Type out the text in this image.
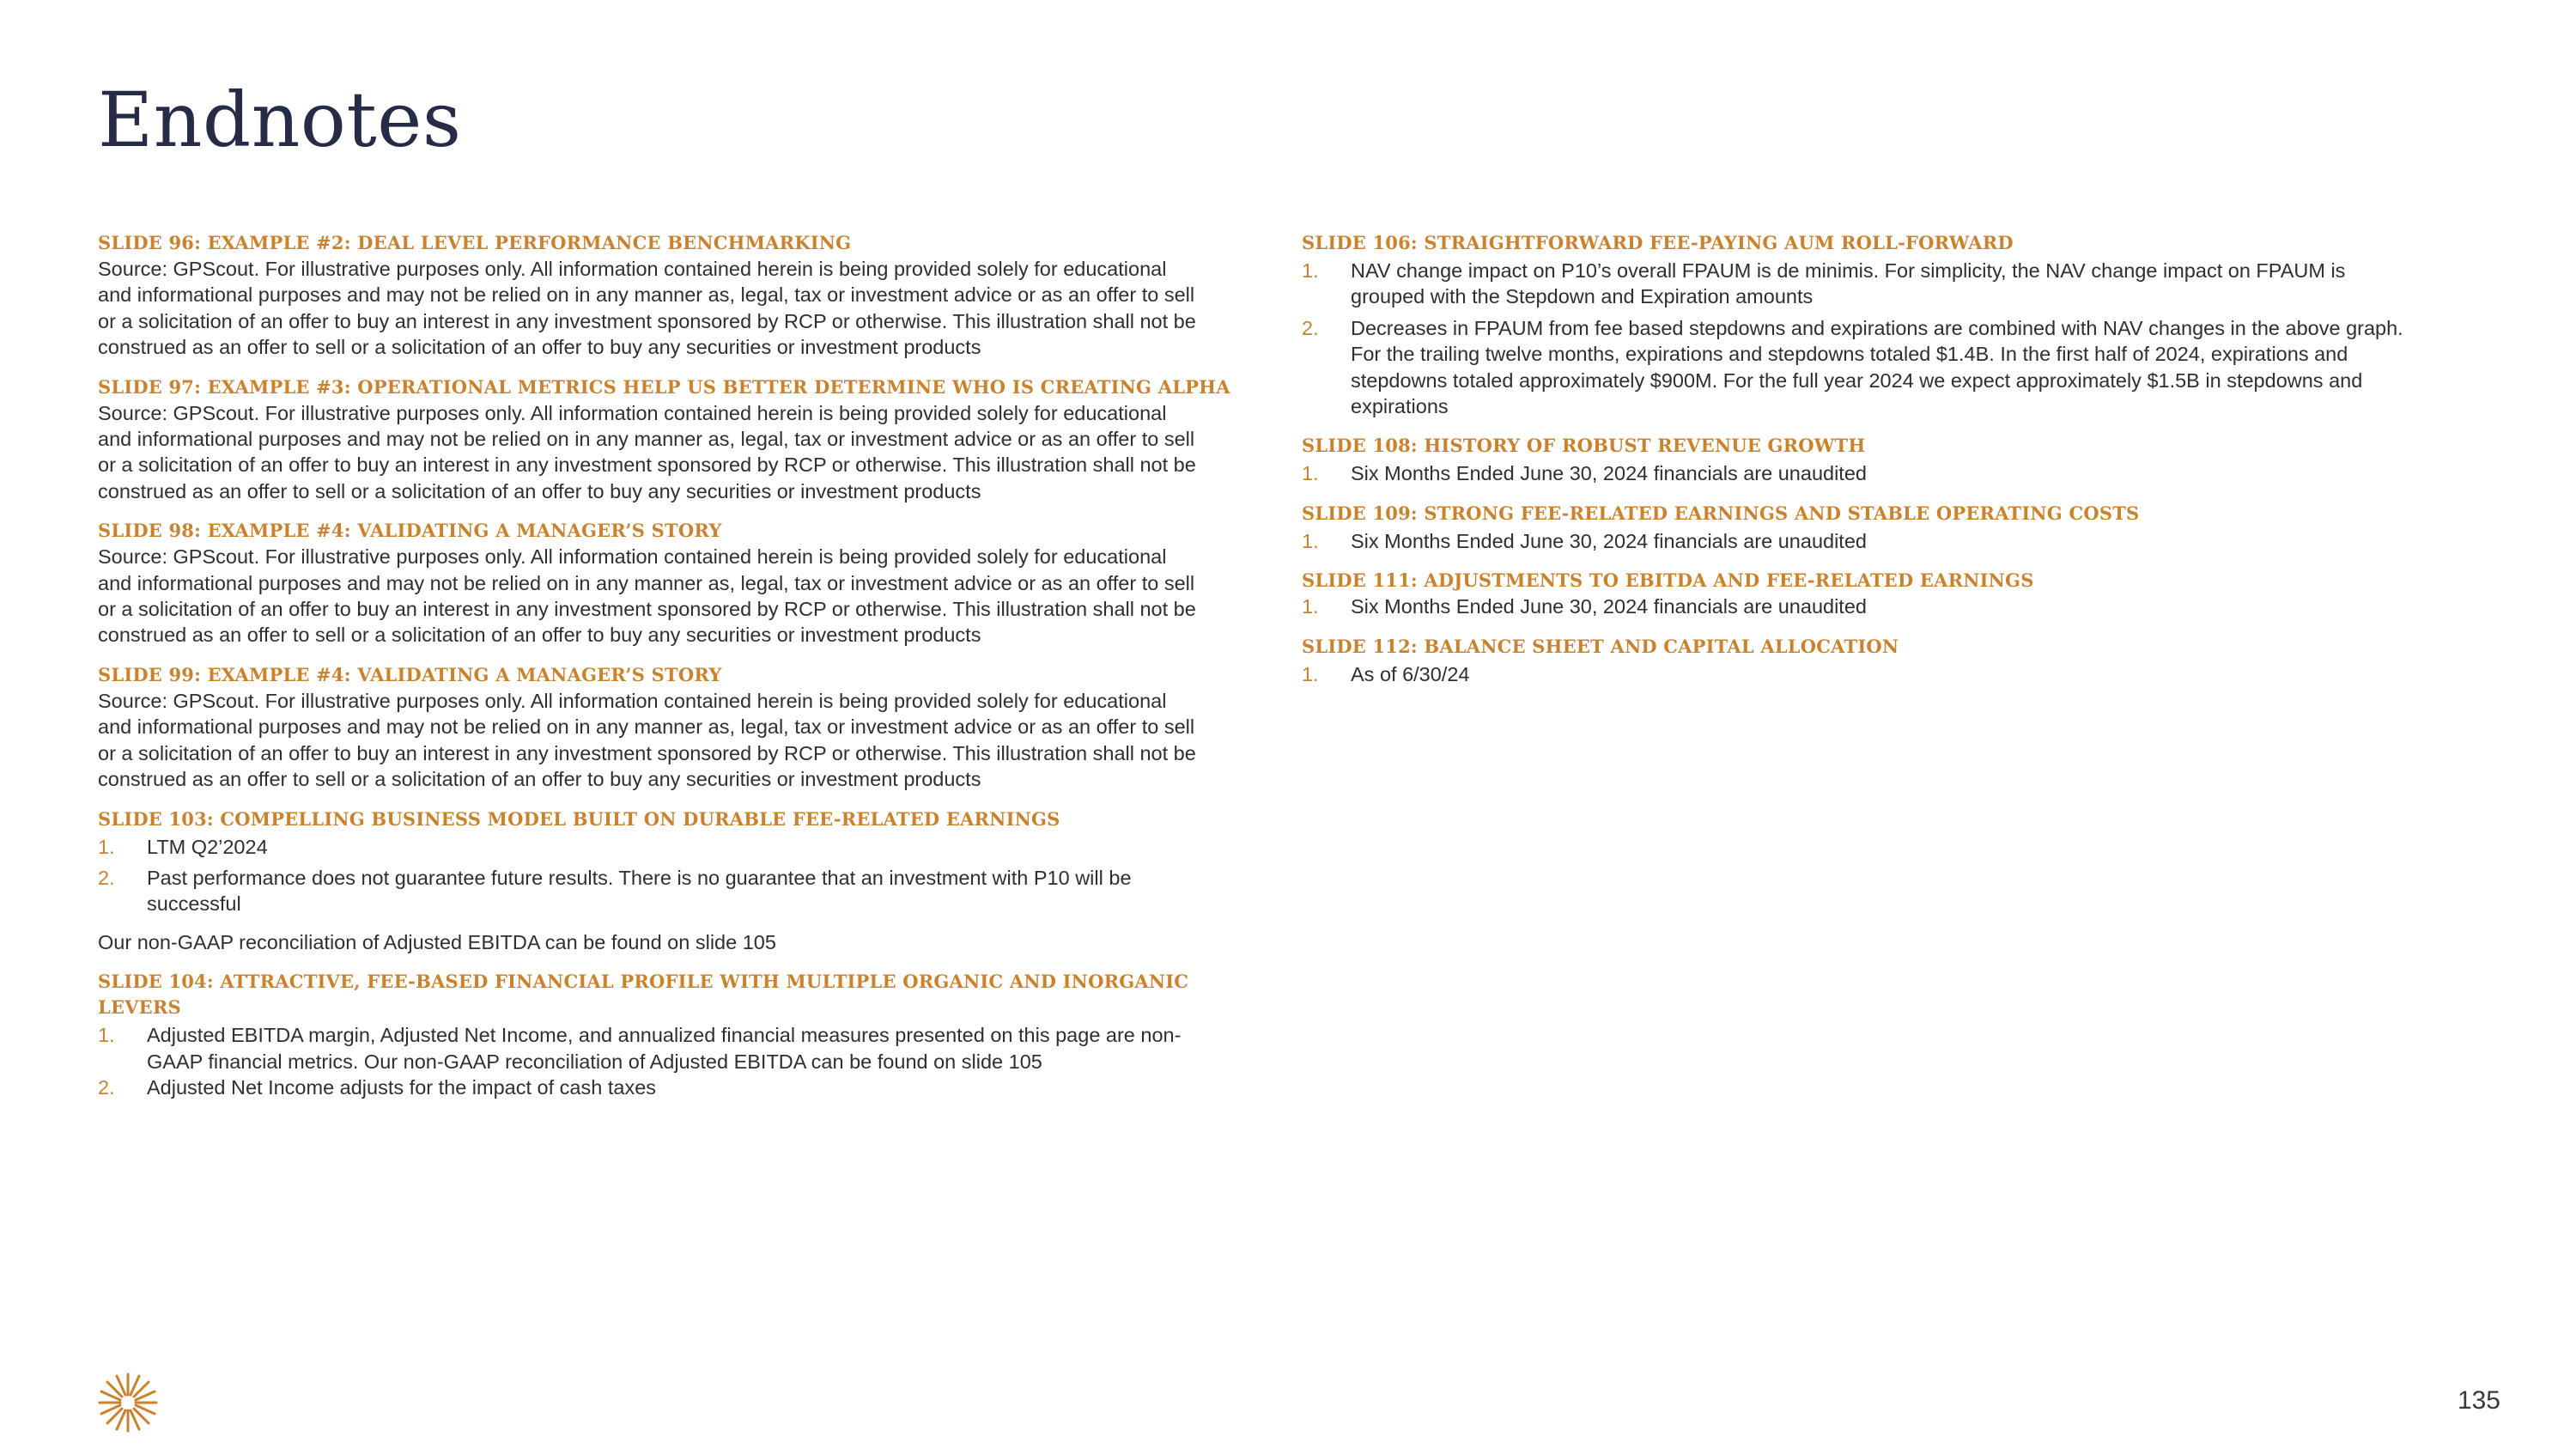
Endnotes
SLIDE 96: EXAMPLE #2: DEAL LEVEL PERFORMANCE BENCHMARKING
Source: GPScout. For illustrative purposes only. All information contained herein is being provided solely for educational
and informational purposes and may not be relied on in any manner as, legal, tax or investment advice or as an offer to sell
or a solicitation of an offer to buy an interest in any investment sponsored by RCP or otherwise. This illustration shall not be
construed as an offer to sell or a solicitation of an offer to buy any securities or investment products
SLIDE 97: EXAMPLE #3: OPERATIONAL METRICS HELP US BETTER DETERMINE WHO IS CREATING ALPHA
Source: GPScout. For illustrative purposes only. All information contained herein is being provided solely for educational
and informational purposes and may not be relied on in any manner as, legal, tax or investment advice or as an offer to sell
or a solicitation of an offer to buy an interest in any investment sponsored by RCP or otherwise. This illustration shall not be
construed as an offer to sell or a solicitation of an offer to buy any securities or investment products
SLIDE 98: EXAMPLE #4: VALIDATING A MANAGER’S STORY
Source: GPScout. For illustrative purposes only. All information contained herein is being provided solely for educational
and informational purposes and may not be relied on in any manner as, legal, tax or investment advice or as an offer to sell
or a solicitation of an offer to buy an interest in any investment sponsored by RCP or otherwise. This illustration shall not be
construed as an offer to sell or a solicitation of an offer to buy any securities or investment products
SLIDE 99: EXAMPLE #4: VALIDATING A MANAGER’S STORY
Source: GPScout. For illustrative purposes only. All information contained herein is being provided solely for educational
and informational purposes and may not be relied on in any manner as, legal, tax or investment advice or as an offer to sell
or a solicitation of an offer to buy an interest in any investment sponsored by RCP or otherwise. This illustration shall not be
construed as an offer to sell or a solicitation of an offer to buy any securities or investment products
SLIDE 103: COMPELLING BUSINESS MODEL BUILT ON DURABLE FEE-RELATED EARNINGS
1. LTM Q2’2024
2. Past performance does not guarantee future results. There is no guarantee that an investment with P10 will be
successful
Our non-GAAP reconciliation of Adjusted EBITDA can be found on slide 105
SLIDE 104: ATTRACTIVE, FEE-BASED FINANCIAL PROFILE WITH MULTIPLE ORGANIC AND INORGANIC LEVERS
1. Adjusted EBITDA margin, Adjusted Net Income, and annualized financial measures presented on this page are non-
GAAP financial metrics. Our non-GAAP reconciliation of Adjusted EBITDA can be found on slide 105
2. Adjusted Net Income adjusts for the impact of cash taxes
SLIDE 106: STRAIGHTFORWARD FEE-PAYING AUM ROLL-FORWARD
1. NAV change impact on P10’s overall FPAUM is de minimis. For simplicity, the NAV change impact on FPAUM is
grouped with the Stepdown and Expiration amounts
2. Decreases in FPAUM from fee based stepdowns and expirations are combined with NAV changes in the above graph.
For the trailing twelve months, expirations and stepdowns totaled $1.4B. In the first half of 2024, expirations and
stepdowns totaled approximately $900M. For the full year 2024 we expect approximately $1.5B in stepdowns and
expirations
SLIDE 108: HISTORY OF ROBUST REVENUE GROWTH
1. Six Months Ended June 30, 2024 financials are unaudited
SLIDE 109: STRONG FEE-RELATED EARNINGS AND STABLE OPERATING COSTS
1. Six Months Ended June 30, 2024 financials are unaudited
SLIDE 111: ADJUSTMENTS TO EBITDA AND FEE-RELATED EARNINGS
1. Six Months Ended June 30, 2024 financials are unaudited
SLIDE 112: BALANCE SHEET AND CAPITAL ALLOCATION
1. As of 6/30/24
135
